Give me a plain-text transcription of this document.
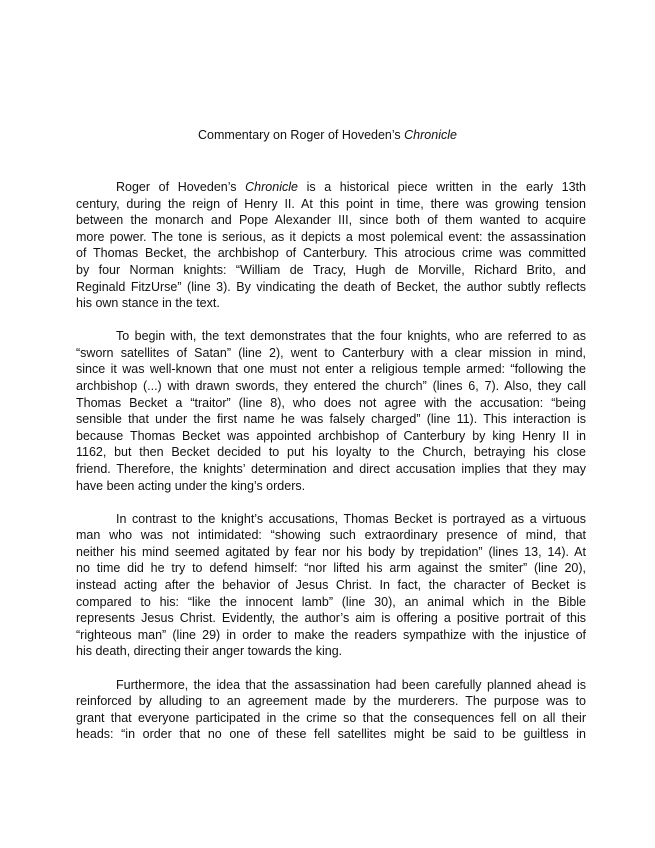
Commentary on Roger of Hoveden’s Chronicle
Roger of Hoveden’s Chronicle is a historical piece written in the early 13th
century, during the reign of Henry II. At this point in time, there was growing tension
between the monarch and Pope Alexander III, since both of them wanted to acquire
more power. The tone is serious, as it depicts a most polemical event: the assassination
of Thomas Becket, the archbishop of Canterbury. This atrocious crime was committed
by four Norman knights: “William de Tracy, Hugh de Morville, Richard Brito, and
Reginald FitzUrse” (line 3). By vindicating the death of Becket, the author subtly reflects
his own stance in the text.
To begin with, the text demonstrates that the four knights, who are referred to as
“sworn satellites of Satan” (line 2), went to Canterbury with a clear mission in mind,
since it was well-known that one must not enter a religious temple armed: “following the
archbishop (...) with drawn swords, they entered the church” (lines 6, 7). Also, they call
Thomas Becket a “traitor” (line 8), who does not agree with the accusation: “being
sensible that under the first name he was falsely charged” (line 11). This interaction is
because Thomas Becket was appointed archbishop of Canterbury by king Henry II in
1162, but then Becket decided to put his loyalty to the Church, betraying his close
friend. Therefore, the knights’ determination and direct accusation implies that they may
have been acting under the king’s orders.
In contrast to the knight’s accusations, Thomas Becket is portrayed as a virtuous
man who was not intimidated: “showing such extraordinary presence of mind, that
neither his mind seemed agitated by fear nor his body by trepidation” (lines 13, 14). At
no time did he try to defend himself: “nor lifted his arm against the smiter” (line 20),
instead acting after the behavior of Jesus Christ. In fact, the character of Becket is
compared to his: “like the innocent lamb” (line 30), an animal which in the Bible
represents Jesus Christ. Evidently, the author’s aim is offering a positive portrait of this
“righteous man” (line 29) in order to make the readers sympathize with the injustice of
his death, directing their anger towards the king.
Furthermore, the idea that the assassination had been carefully planned ahead is
reinforced by alluding to an agreement made by the murderers. The purpose was to
grant that everyone participated in the crime so that the consequences fell on all their
heads: “in order that no one of these fell satellites might be said to be guiltless in
